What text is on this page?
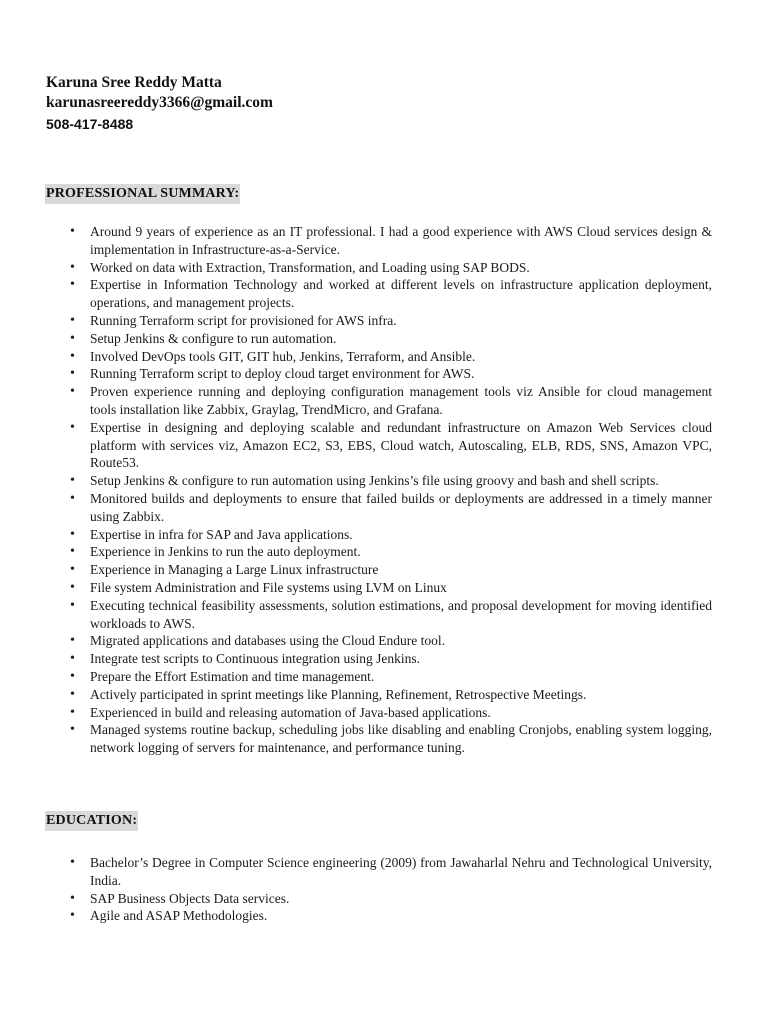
Karuna Sree Reddy Matta
karunasreereddy3366@gmail.com
508-417-8488
PROFESSIONAL SUMMARY:
• Around 9 years of experience as an IT professional. I had a good experience with AWS Cloud services design & implementation in Infrastructure-as-a-Service.
• Worked on data with Extraction, Transformation, and Loading using SAP BODS.
• Expertise in Information Technology and worked at different levels on infrastructure application deployment, operations, and management projects.
• Running Terraform script for provisioned for AWS infra.
• Setup Jenkins & configure to run automation.
• Involved DevOps tools GIT, GIT hub, Jenkins, Terraform, and Ansible.
• Running Terraform script to deploy cloud target environment for AWS.
• Proven experience running and deploying configuration management tools viz Ansible for cloud management tools installation like Zabbix, Graylag, TrendMicro, and Grafana.
• Expertise in designing and deploying scalable and redundant infrastructure on Amazon Web Services cloud platform with services viz, Amazon EC2, S3, EBS, Cloud watch, Autoscaling, ELB, RDS, SNS, Amazon VPC, Route53.
• Setup Jenkins & configure to run automation using Jenkins’s file using groovy and bash and shell scripts.
• Monitored builds and deployments to ensure that failed builds or deployments are addressed in a timely manner using Zabbix.
• Expertise in infra for SAP and Java applications.
• Experience in Jenkins to run the auto deployment.
• Experience in Managing a Large Linux infrastructure
• File system Administration and File systems using LVM on Linux
• Executing technical feasibility assessments, solution estimations, and proposal development for moving identified workloads to AWS.
• Migrated applications and databases using the Cloud Endure tool.
• Integrate test scripts to Continuous integration using Jenkins.
• Prepare the Effort Estimation and time management.
• Actively participated in sprint meetings like Planning, Refinement, Retrospective Meetings.
• Experienced in build and releasing automation of Java-based applications.
• Managed systems routine backup, scheduling jobs like disabling and enabling Cronjobs, enabling system logging, network logging of servers for maintenance, and performance tuning.
EDUCATION:
• Bachelor’s Degree in Computer Science engineering (2009) from Jawaharlal Nehru and Technological University, India.
• SAP Business Objects Data services.
• Agile and ASAP Methodologies.
